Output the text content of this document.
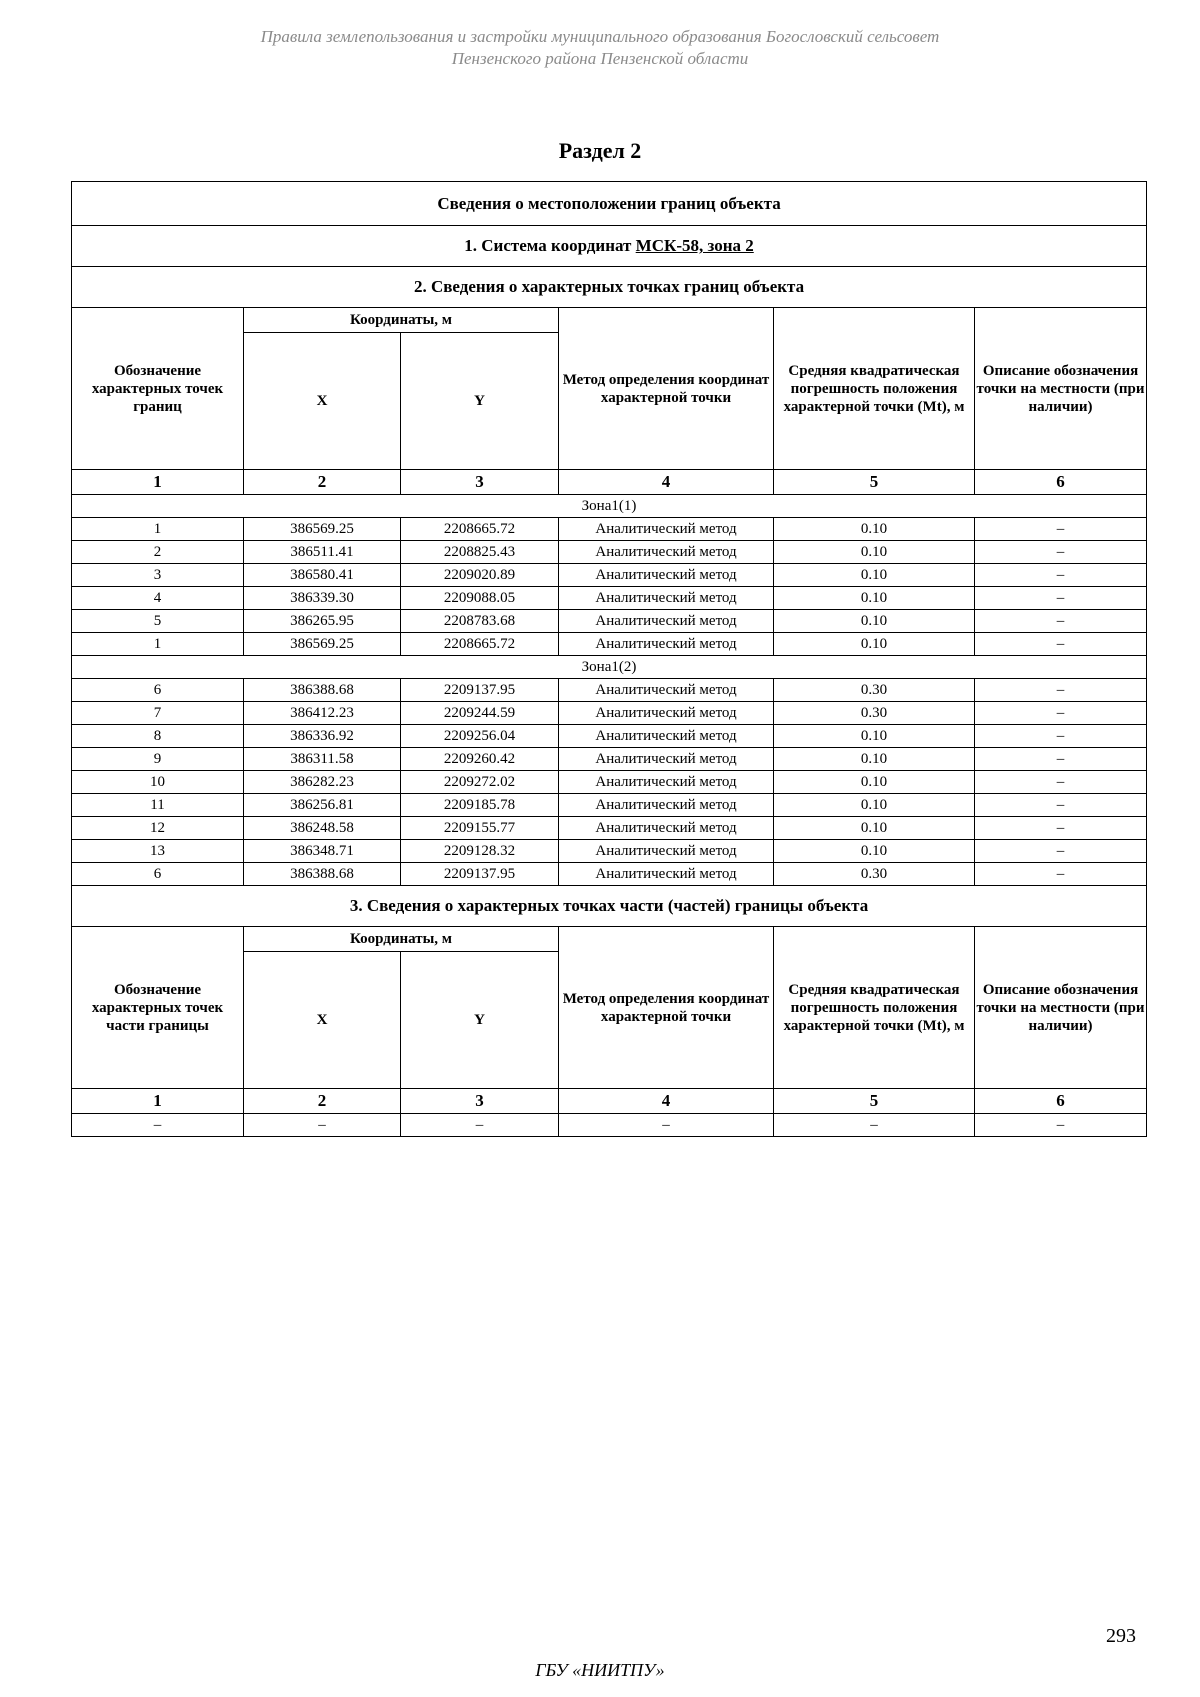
Правила землепользования и застройки муниципального образования Богословский сельсовет
Пензенского района Пензенской области
Раздел 2
Сведения о местоположении границ объекта					
1. Система координат МСК-58, зона 2					
2. Сведения о характерных точках границ объекта					
Обозначение характерных точек границ	Координаты, м		Метод определения координат характерной точки	Средняя квадратическая погрешность положения характерной точки (Mt), м	Описание обозначения точки на местности (при наличии)
	X	Y			
1	2	3	4	5	6
Зона1(1)					
1	386569.25	2208665.72	Аналитический метод	0.10	–
2	386511.41	2208825.43	Аналитический метод	0.10	–
3	386580.41	2209020.89	Аналитический метод	0.10	–
4	386339.30	2209088.05	Аналитический метод	0.10	–
5	386265.95	2208783.68	Аналитический метод	0.10	–
1	386569.25	2208665.72	Аналитический метод	0.10	–
Зона1(2)					
6	386388.68	2209137.95	Аналитический метод	0.30	–
7	386412.23	2209244.59	Аналитический метод	0.30	–
8	386336.92	2209256.04	Аналитический метод	0.10	–
9	386311.58	2209260.42	Аналитический метод	0.10	–
10	386282.23	2209272.02	Аналитический метод	0.10	–
11	386256.81	2209185.78	Аналитический метод	0.10	–
12	386248.58	2209155.77	Аналитический метод	0.10	–
13	386348.71	2209128.32	Аналитический метод	0.10	–
6	386388.68	2209137.95	Аналитический метод	0.30	–
3. Сведения о характерных точках части (частей) границы объекта					
Обозначение характерных точек части границы	Координаты, м		Метод определения координат характерной точки	Средняя квадратическая погрешность положения характерной точки (Mt), м	Описание обозначения точки на местности (при наличии)
	X	Y			
1	2	3	4	5	6
–	–	–	–	–	–
293
ГБУ «НИИТПУ»
